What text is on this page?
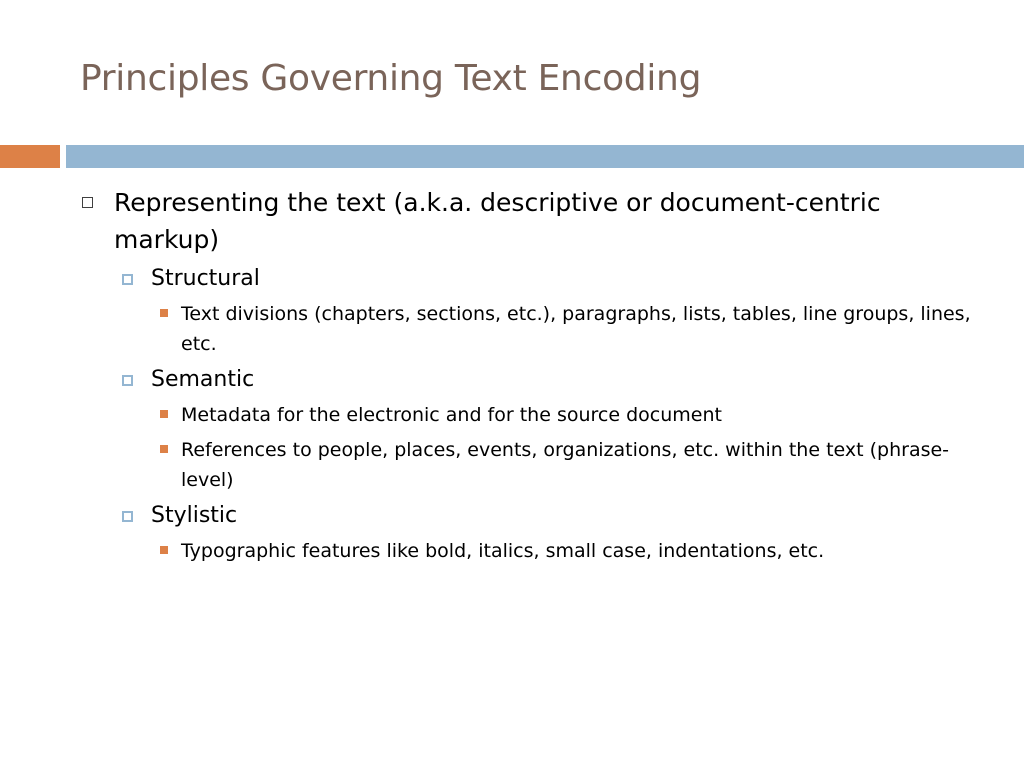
Principles Governing Text Encoding
Representing the text (a.k.a. descriptive or document-centric markup)
Structural
Text divisions (chapters, sections, etc.), paragraphs, lists, tables, line groups, lines, etc.
Semantic
Metadata for the electronic and for the source document
References to people, places, events, organizations, etc. within the text (phrase-level)
Stylistic
Typographic features like bold, italics, small case, indentations, etc.
